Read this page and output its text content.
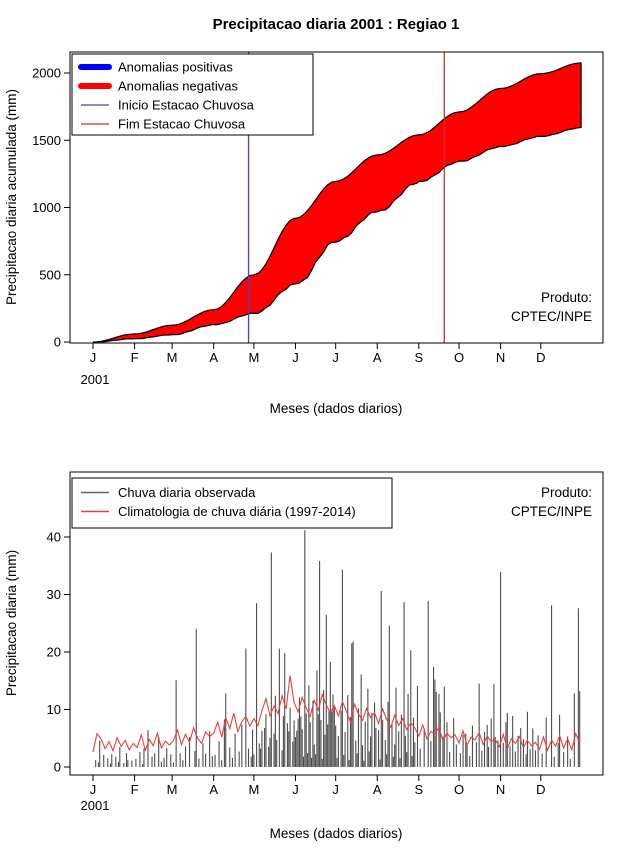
Precipitacao diaria 2001 : Regiao 1
0
500
1000
1500
2000
J	F M A M	J	J	A	S O N D
Precipitacao diaria acumulada (mm)
Meses (dados diarios)
2001
Produto:
CPTEC/INPE
Anomalias positivas
Anomalias negativas
Inicio Estacao Chuvosa
Fim Estacao Chuvosa
0
10
20
30
40
J	F M A M	J	J	A	S O N D
Precipitacao diaria (mm)
Meses (dados diarios)
2001
Produto:
CPTEC/INPE
Chuva diaria observada
Climatologia de chuva diária (1997-2014)
